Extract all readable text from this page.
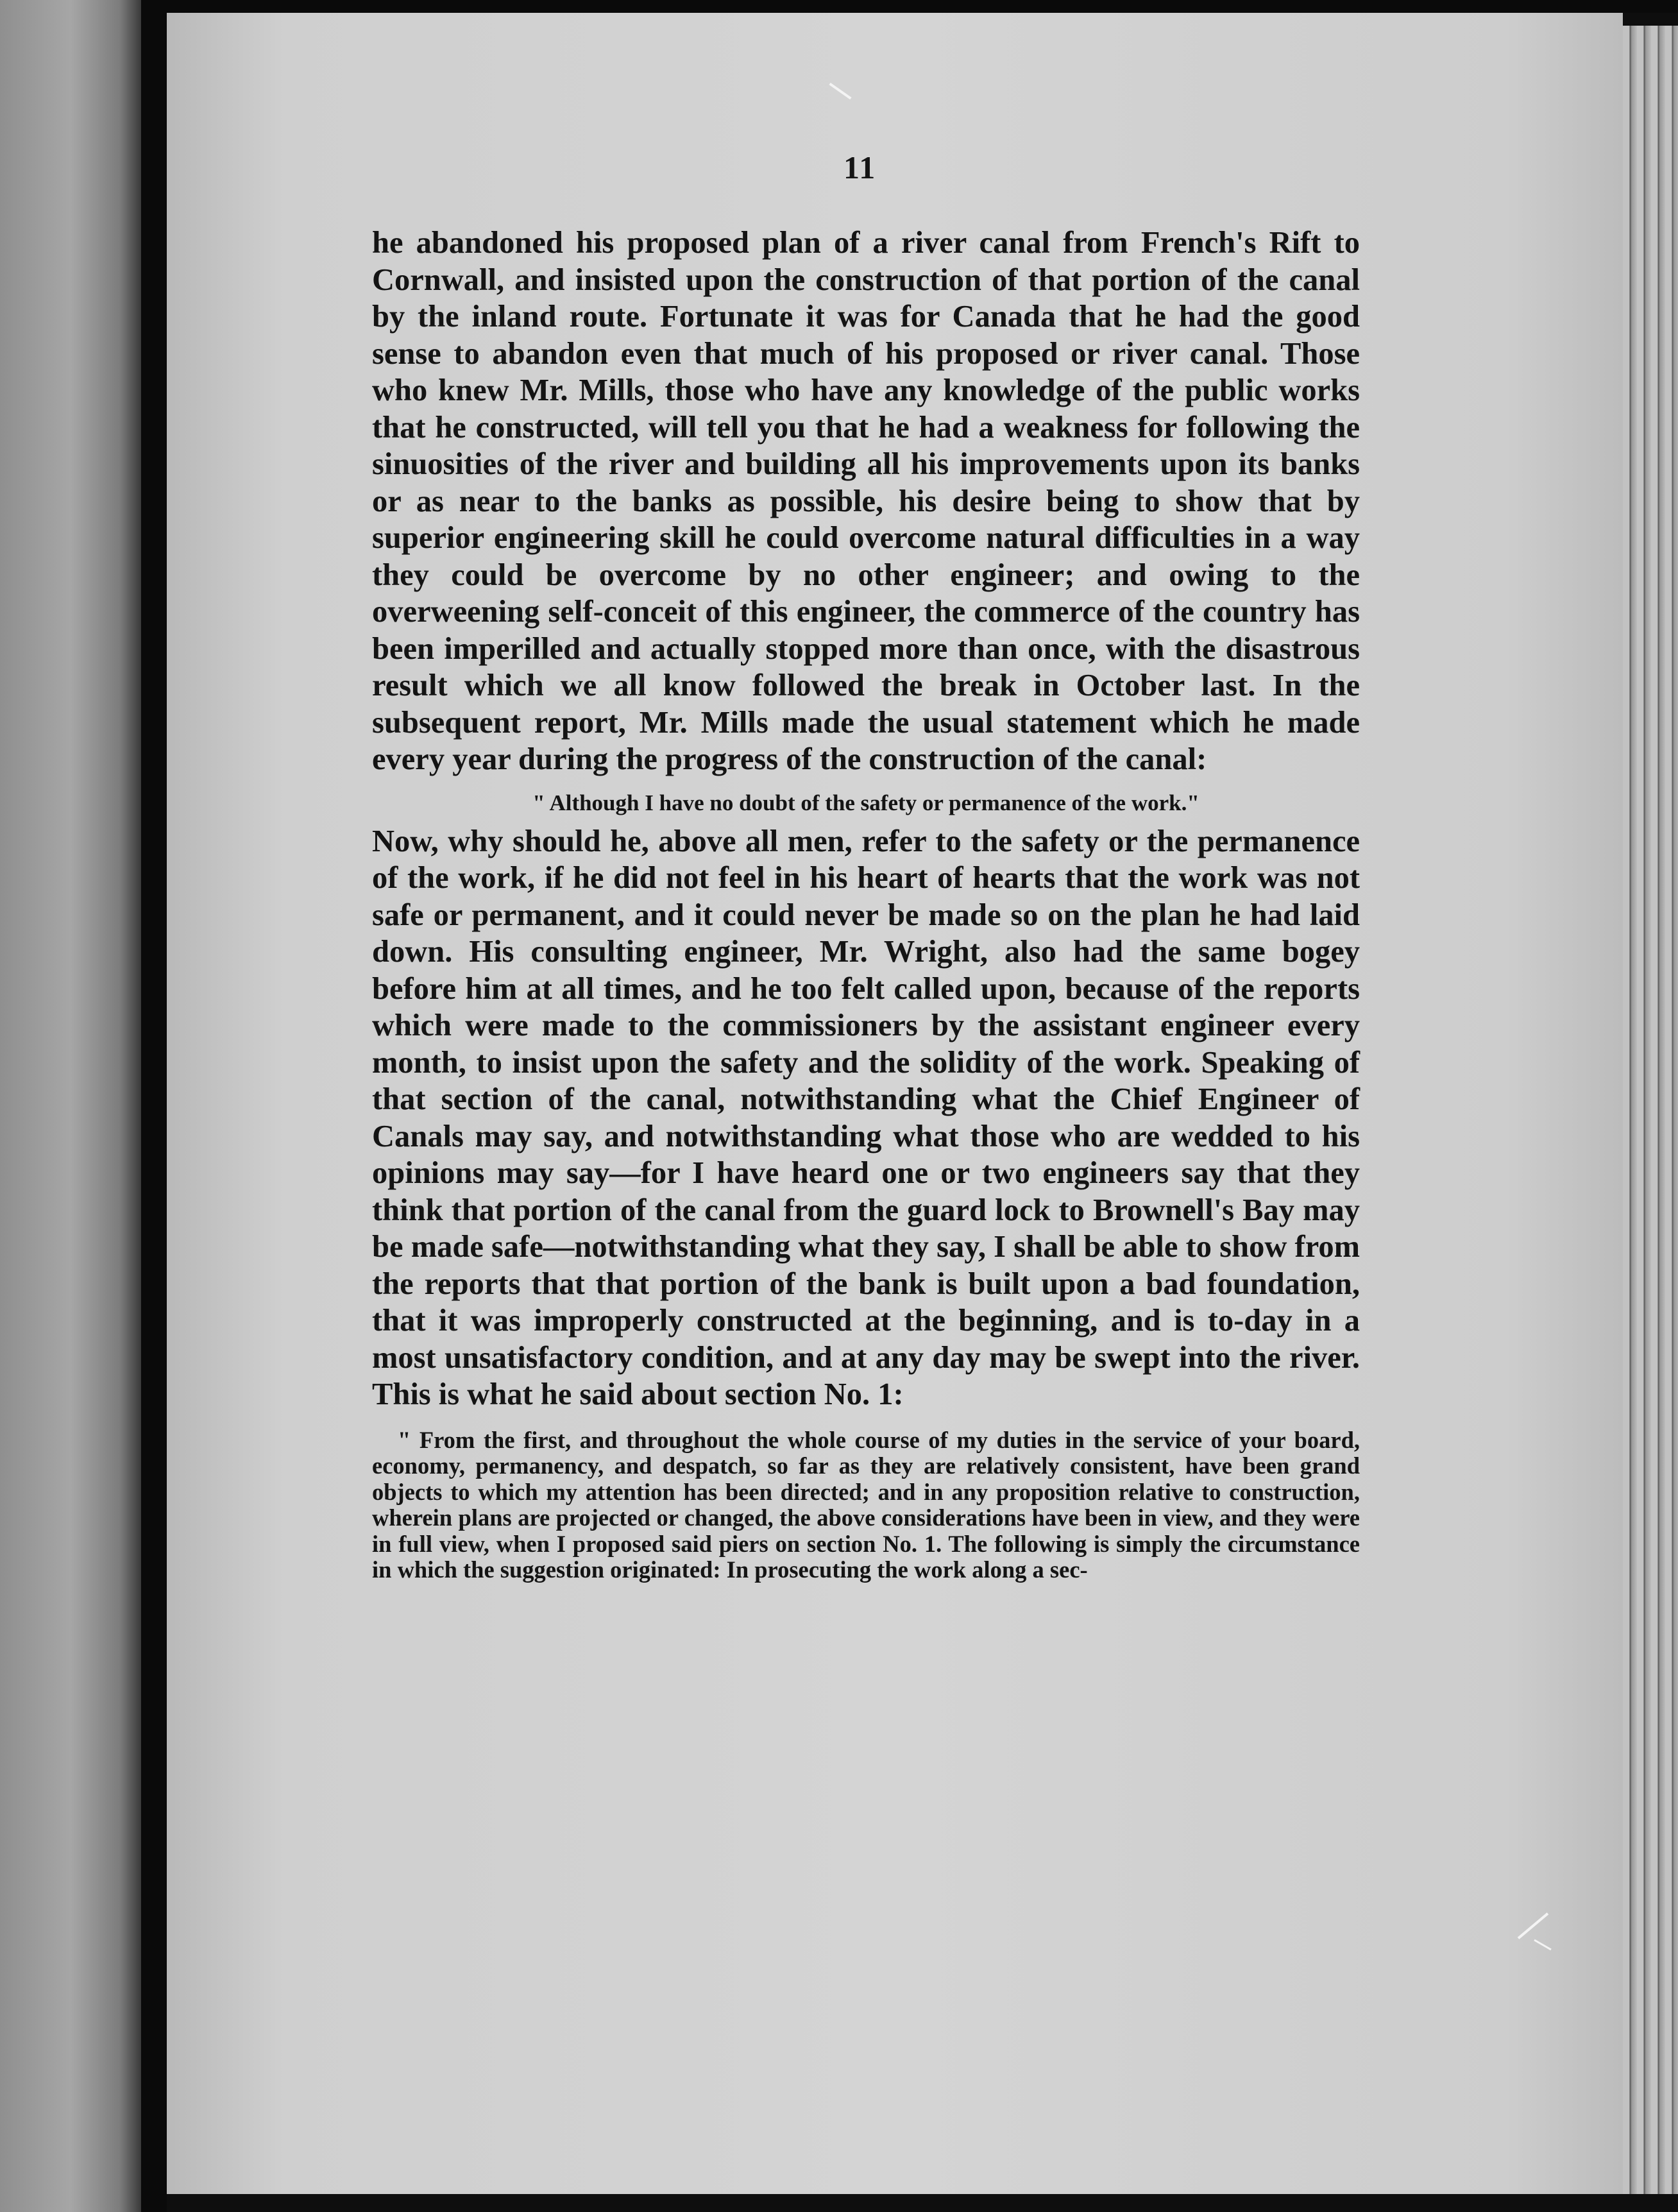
11

he abandoned his proposed plan of a river canal from French's Rift to Cornwall, and insisted upon the construction of that portion of the canal by the inland route. Fortunate it was for Canada that he had the good sense to abandon even that much of his proposed or river canal. Those who knew Mr. Mills, those who have any knowledge of the public works that he constructed, will tell you that he had a weakness for following the sinuosities of the river and building all his improvements upon its banks or as near to the banks as possible, his desire being to show that by superior engineering skill he could overcome natural difficulties in a way they could be overcome by no other engineer; and owing to the overweening self-conceit of this engineer, the commerce of the country has been imperilled and actually stopped more than once, with the disastrous result which we all know followed the break in October last. In the subsequent report, Mr. Mills made the usual statement which he made every year during the progress of the construction of the canal:

" Although I have no doubt of the safety or permanence of the work."

Now, why should he, above all men, refer to the safety or the permanence of the work, if he did not feel in his heart of hearts that the work was not safe or permanent, and it could never be made so on the plan he had laid down. His consulting engineer, Mr. Wright, also had the same bogey before him at all times, and he too felt called upon, because of the reports which were made to the commissioners by the assistant engineer every month, to insist upon the safety and the solidity of the work. Speaking of that section of the canal, notwithstanding what the Chief Engineer of Canals may say, and notwithstanding what those who are wedded to his opinions may say—for I have heard one or two engineers say that they think that portion of the canal from the guard lock to Brownell's Bay may be made safe—notwithstanding what they say, I shall be able to show from the reports that that portion of the bank is built upon a bad foundation, that it was improperly constructed at the beginning, and is to-day in a most unsatisfactory condition, and at any day may be swept into the river. This is what he said about section No. 1:

" From the first, and throughout the whole course of my duties in the service of your board, economy, permanency, and despatch, so far as they are relatively consistent, have been grand objects to which my attention has been directed; and in any proposition relative to construction, wherein plans are projected or changed, the above considerations have been in view, and they were in full view, when I proposed said piers on section No. 1. The following is simply the circumstance in which the suggestion originated: In prosecuting the work along a sec-
